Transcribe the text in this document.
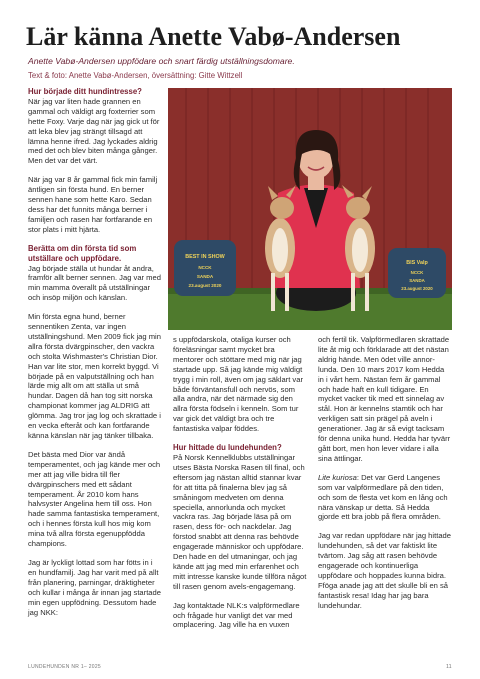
Lär känna Anette Vabø-Andersen
Anette Vabø-Andersen uppfödare och snart färdig utställningsdomare.
Text & foto: Anette Vabø-Andersen, översättning: Gitte Wittzell
Hur började ditt hundintresse?

När jag var liten hade grannen en gammal och väldigt arg foxterrier som hette Foxy. Varje dag när jag gick ut för att leka blev jag strängt tillsagd att lämna henne ifred. Jag lyckades aldrig med det och blev biten många gånger. Men det var det värt.

När jag var 8 år gammal fick min familj äntligen sin första hund. En berner sennen hane som hette Karo. Sedan dess har det funnits många berner i familjen och rasen har fortfarande en stor plats i mitt hjärta.

Berätta om din första tid som utställare och uppfödare.

Jag började ställa ut hundar åt andra, framför allt berner sennen. Jag var med min mamma överallt på utställningar och insöp miljön och känslan.

Min första egna hund, berner sennentiken Zenta, var ingen utställningshund. Men 2009 fick jag min allra första dvärgpinscher, den vackra och stolta Wishmaster's Christian Dior. Han var lite stor, men korrekt byggd. Vi började på en valputställning och han lärde mig allt om att ställa ut små hundar. Dagen då han tog sitt norska championat kommer jag ALDRIG att glömma. Jag tror jag log och skrattade i en vecka efteråt och kan fortfarande känna känslan när jag tänker tillbaka.

Det bästa med Dior var ändå temperamentet, och jag kände mer och mer att jag ville bidra till fler dvärgpinschers med ett sådant temperament. År 2010 kom hans halvsyster Angelina hem till oss. Hon hade samma fantastiska temperament, och i hennes första kull hos mig kom mina två allra första egenuppfödda champions.

Jag är lyckligt lottad som har fötts in i en hundfamilj. Jag har varit med på allt från planering, parningar, dräktigheter och kullar i många år innan jag startade min egen uppfödning. Dessutom hade jag NKK:

BEST IN SHOW
NCCK
SANDA
23.august 2020
BIS Valp
NCCK
SANDA
23.august 2020

s uppfödarskola, otaliga kurser och föreläsningar samt mycket bra mentorer och stöttare med mig när jag startade upp. Så jag kände mig väldigt trygg i min roll, även om jag säklart var både förväntansfull och nervös, som alla andra, när det närmade sig den allra första födseln i kenneln. Som tur var gick det väldigt bra och tre fantastiska valpar föddes.

Hur hittade du lundehunden?

På Norsk Kennelklubbs utställningar utses Bästa Norska Rasen till final, och eftersom jag nästan alltid stannar kvar för att titta på finalerna blev jag så småningom medveten om denna speciella, annorlunda och mycket vackra ras. Jag började läsa på om rasen, dess för- och nackdelar. Jag förstod snabbt att denna ras behövde engagerade människor och uppfödare. Den hade en del utmaningar, och jag kände att jag med min erfarenhet och mitt intresse kanske kunde tillföra något till rasen genom avels-engagemang.

Jag kontaktade NLK:s valpförmedlare och frågade hur vanligt det var med omplacering. Jag ville ha en vuxen

och fertil tik. Valpförmedlaren skrattade lite åt mig och förklarade att det nästan aldrig hände. Men ödet ville annor-lunda. Den 10 mars 2017 kom Hedda in i vårt hem. Nästan fem år gammal och hade haft en kull tidigare. En mycket vacker tik med ett sinnelag av stål. Hon är kennelns stamtik och har verkligen satt sin prägel på aveln i generationer. Jag är så evigt tacksam för denna unika hund. Hedda har tyvärr gått bort, men hon lever vidare i alla sina ättlingar.

Lite kuriosa: Det var Gerd Langenes som var valpförmedlare på den tiden, och som de flesta vet kom en lång och nära vänskap ur detta. Så Hedda gjorde ett bra jobb på flera områden.

Jag var redan uppfödare när jag hittade lundehunden, så det var faktiskt lite tvärtom. Jag såg att rasen behövde engagerade och kontinuerliga uppfödare och hoppades kunna bidra. Fföga anade jag att det skulle bli en så fantastisk resa! Idag har jag bara lundehundar.

LUNDEHUNDEN NR 1– 2025	11
